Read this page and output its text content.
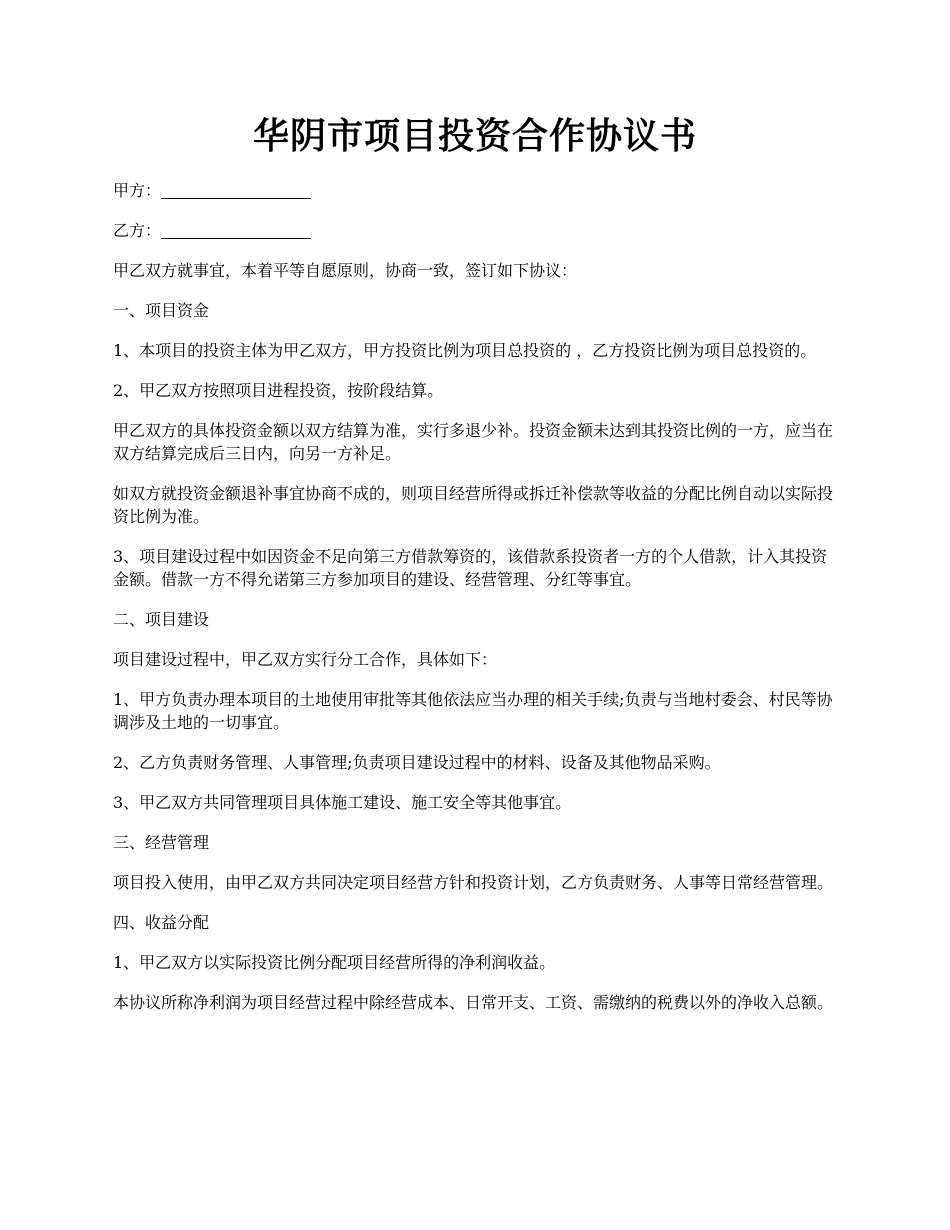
华阴市项目投资合作协议书

甲方：

乙方：

甲乙双方就事宜，本着平等自愿原则，协商一致，签订如下协议：

一、项目资金

1、本项目的投资主体为甲乙双方，甲方投资比例为项目总投资的 ，乙方投资比例为项目总投资的。

2、甲乙双方按照项目进程投资，按阶段结算。

甲乙双方的具体投资金额以双方结算为准，实行多退少补。投资金额未达到其投资比例的一方，应当在双方结算完成后三日内，向另一方补足。

如双方就投资金额退补事宜协商不成的，则项目经营所得或拆迁补偿款等收益的分配比例自动以实际投资比例为准。

3、项目建设过程中如因资金不足向第三方借款筹资的，该借款系投资者一方的个人借款，计入其投资金额。借款一方不得允诺第三方参加项目的建设、经营管理、分红等事宜。

二、项目建设

项目建设过程中，甲乙双方实行分工合作，具体如下：

1、甲方负责办理本项目的土地使用审批等其他依法应当办理的相关手续;负责与当地村委会、村民等协调涉及土地的一切事宜。

2、乙方负责财务管理、人事管理;负责项目建设过程中的材料、设备及其他物品采购。

3、甲乙双方共同管理项目具体施工建设、施工安全等其他事宜。

三、经营管理

项目投入使用，由甲乙双方共同决定项目经营方针和投资计划，乙方负责财务、人事等日常经营管理。

四、收益分配

1、甲乙双方以实际投资比例分配项目经营所得的净利润收益。

本协议所称净利润为项目经营过程中除经营成本、日常开支、工资、需缴纳的税费以外的净收入总额。
